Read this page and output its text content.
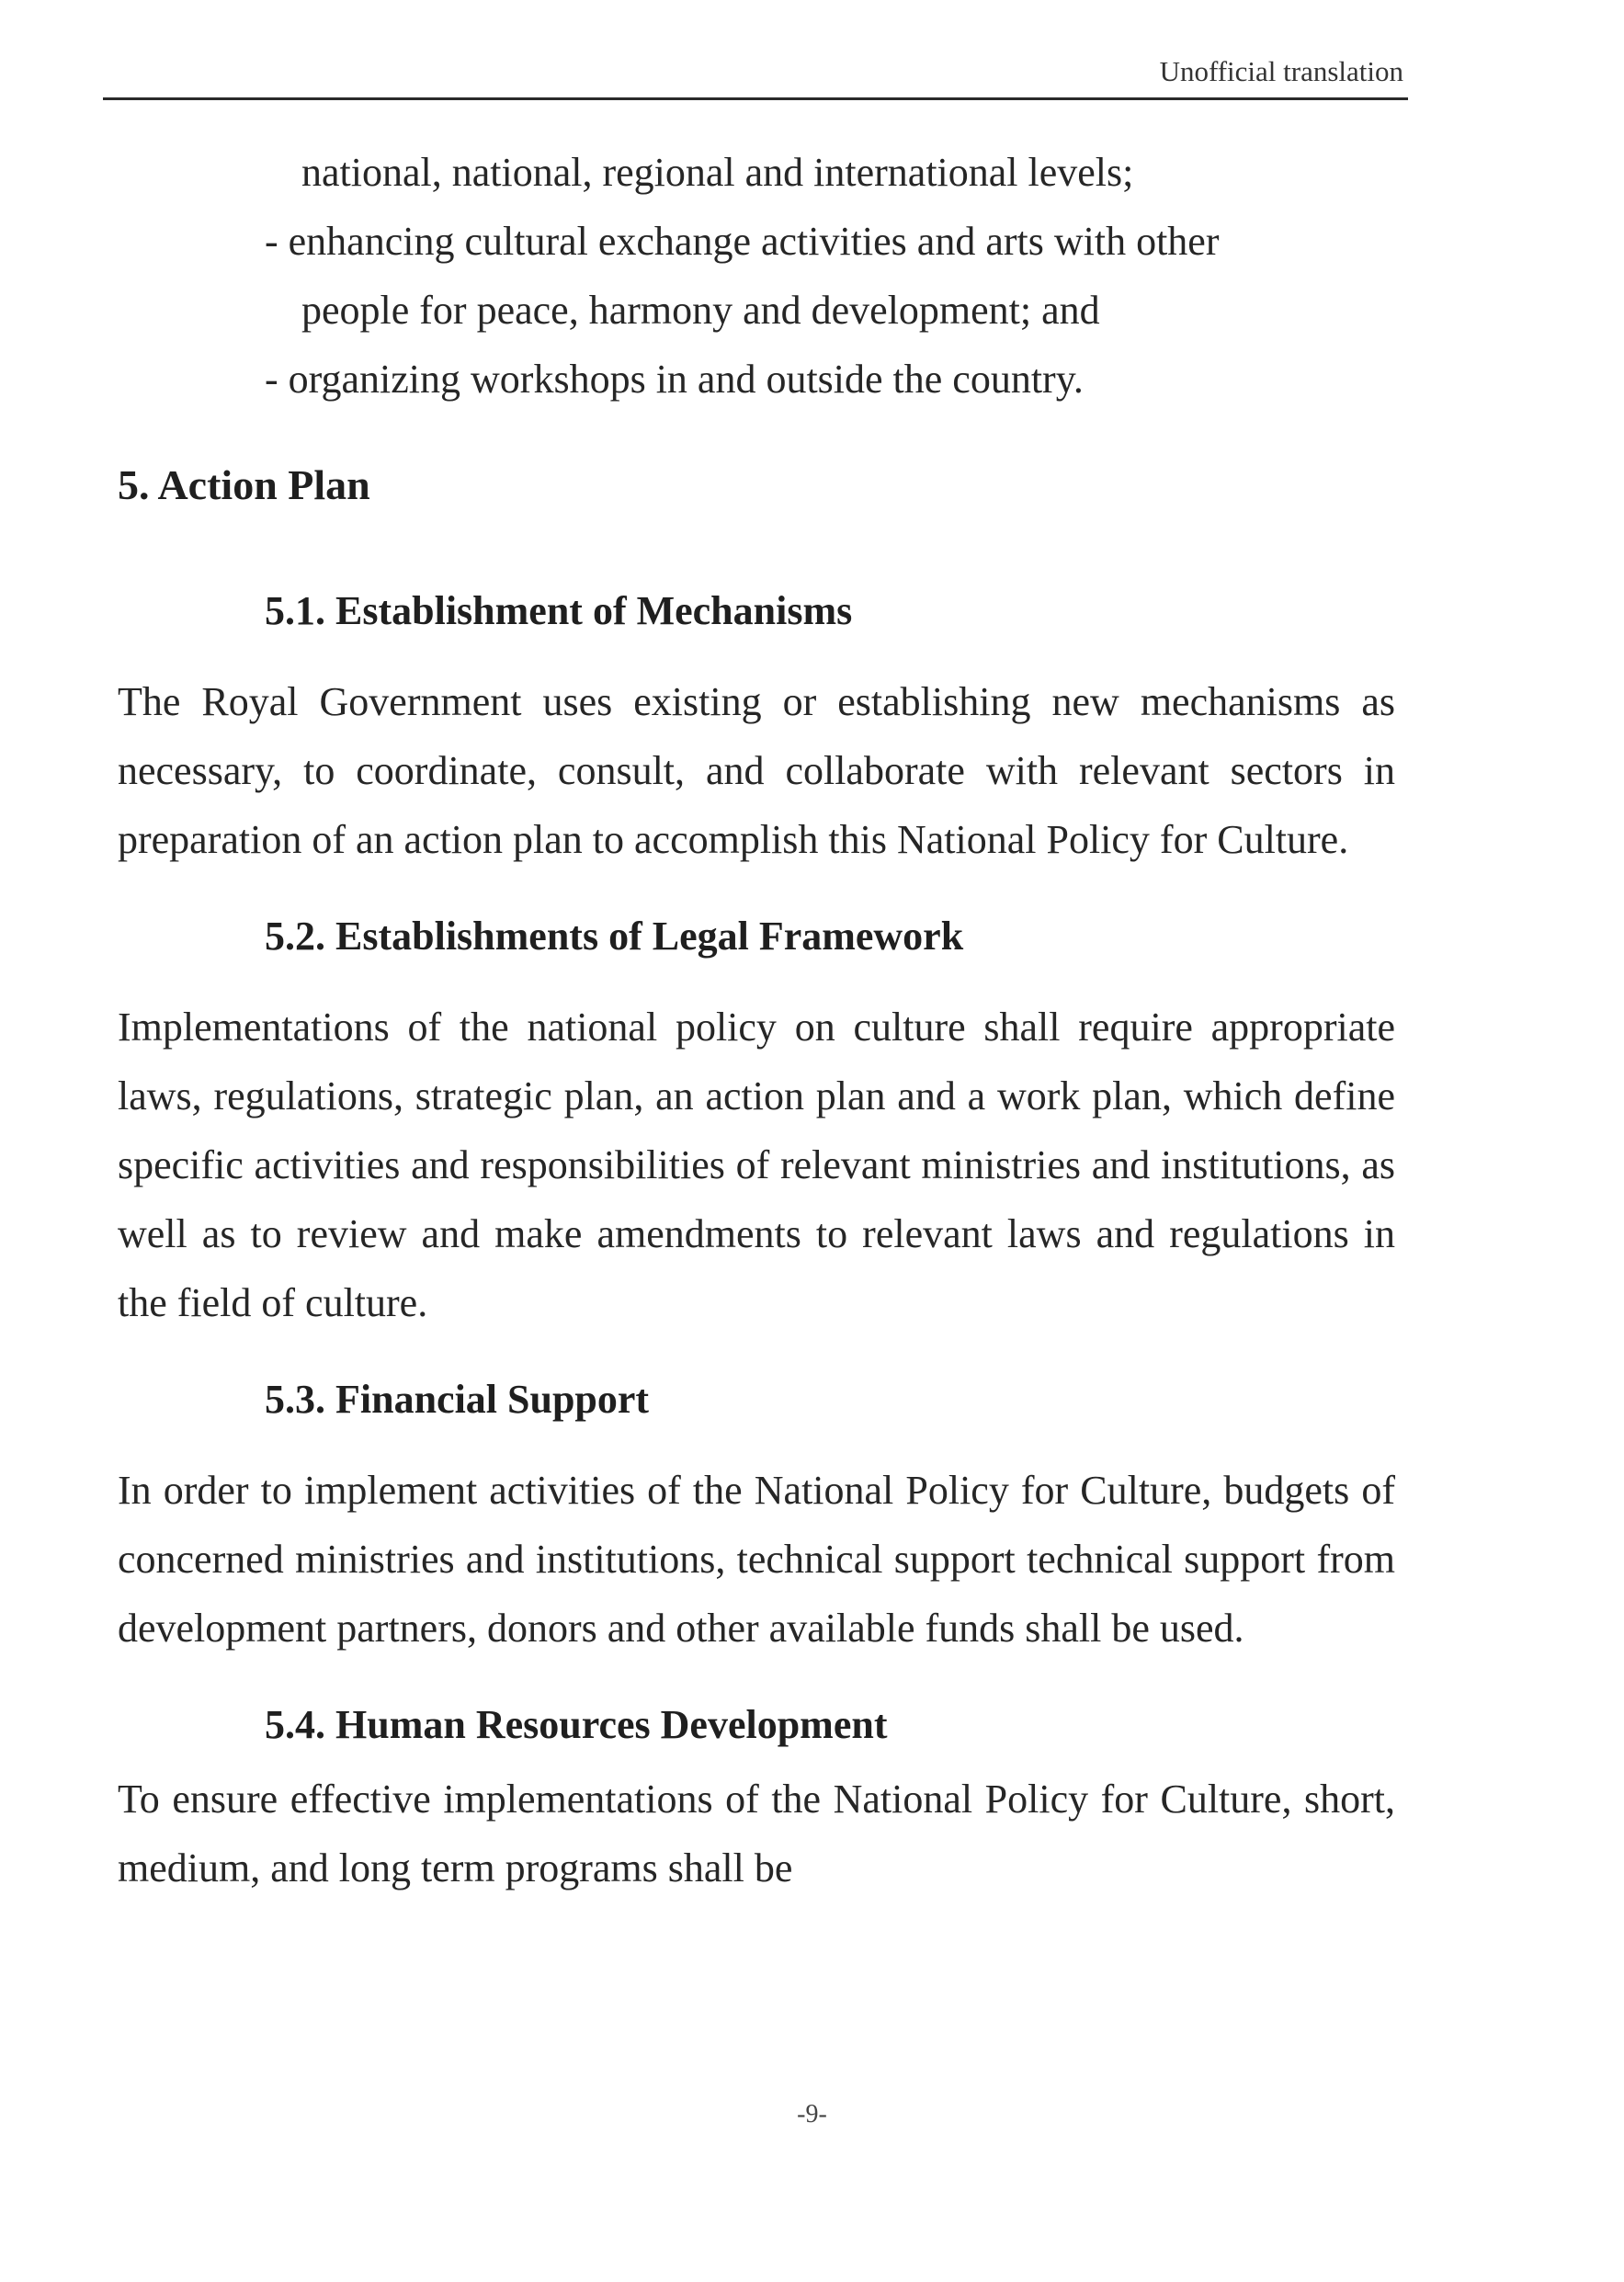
Unofficial translation

national, national, regional and international levels;

- enhancing cultural exchange activities and arts with other

people for peace, harmony and development; and

- organizing workshops in and outside the country.

5. Action Plan
5.1. Establishment of Mechanisms

The Royal Government uses existing or establishing new mechanisms as necessary, to coordinate, consult, and collaborate with relevant sectors in preparation of an action plan to accomplish this National Policy for Culture.

5.2. Establishments of Legal Framework

Implementations of the national policy on culture shall require appropriate laws, regulations, strategic plan, an action plan and a work plan, which define specific activities and responsibilities of relevant ministries and institutions, as well as to review and make amendments to relevant laws and regulations in the field of culture.

5.3. Financial Support

In order to implement activities of the National Policy for Culture, budgets of concerned ministries and institutions, technical support technical support from development partners, donors and other available funds shall be used.

5.4. Human Resources Development

To ensure effective implementations of the National Policy for Culture, short, medium, and long term programs shall be

-9-
